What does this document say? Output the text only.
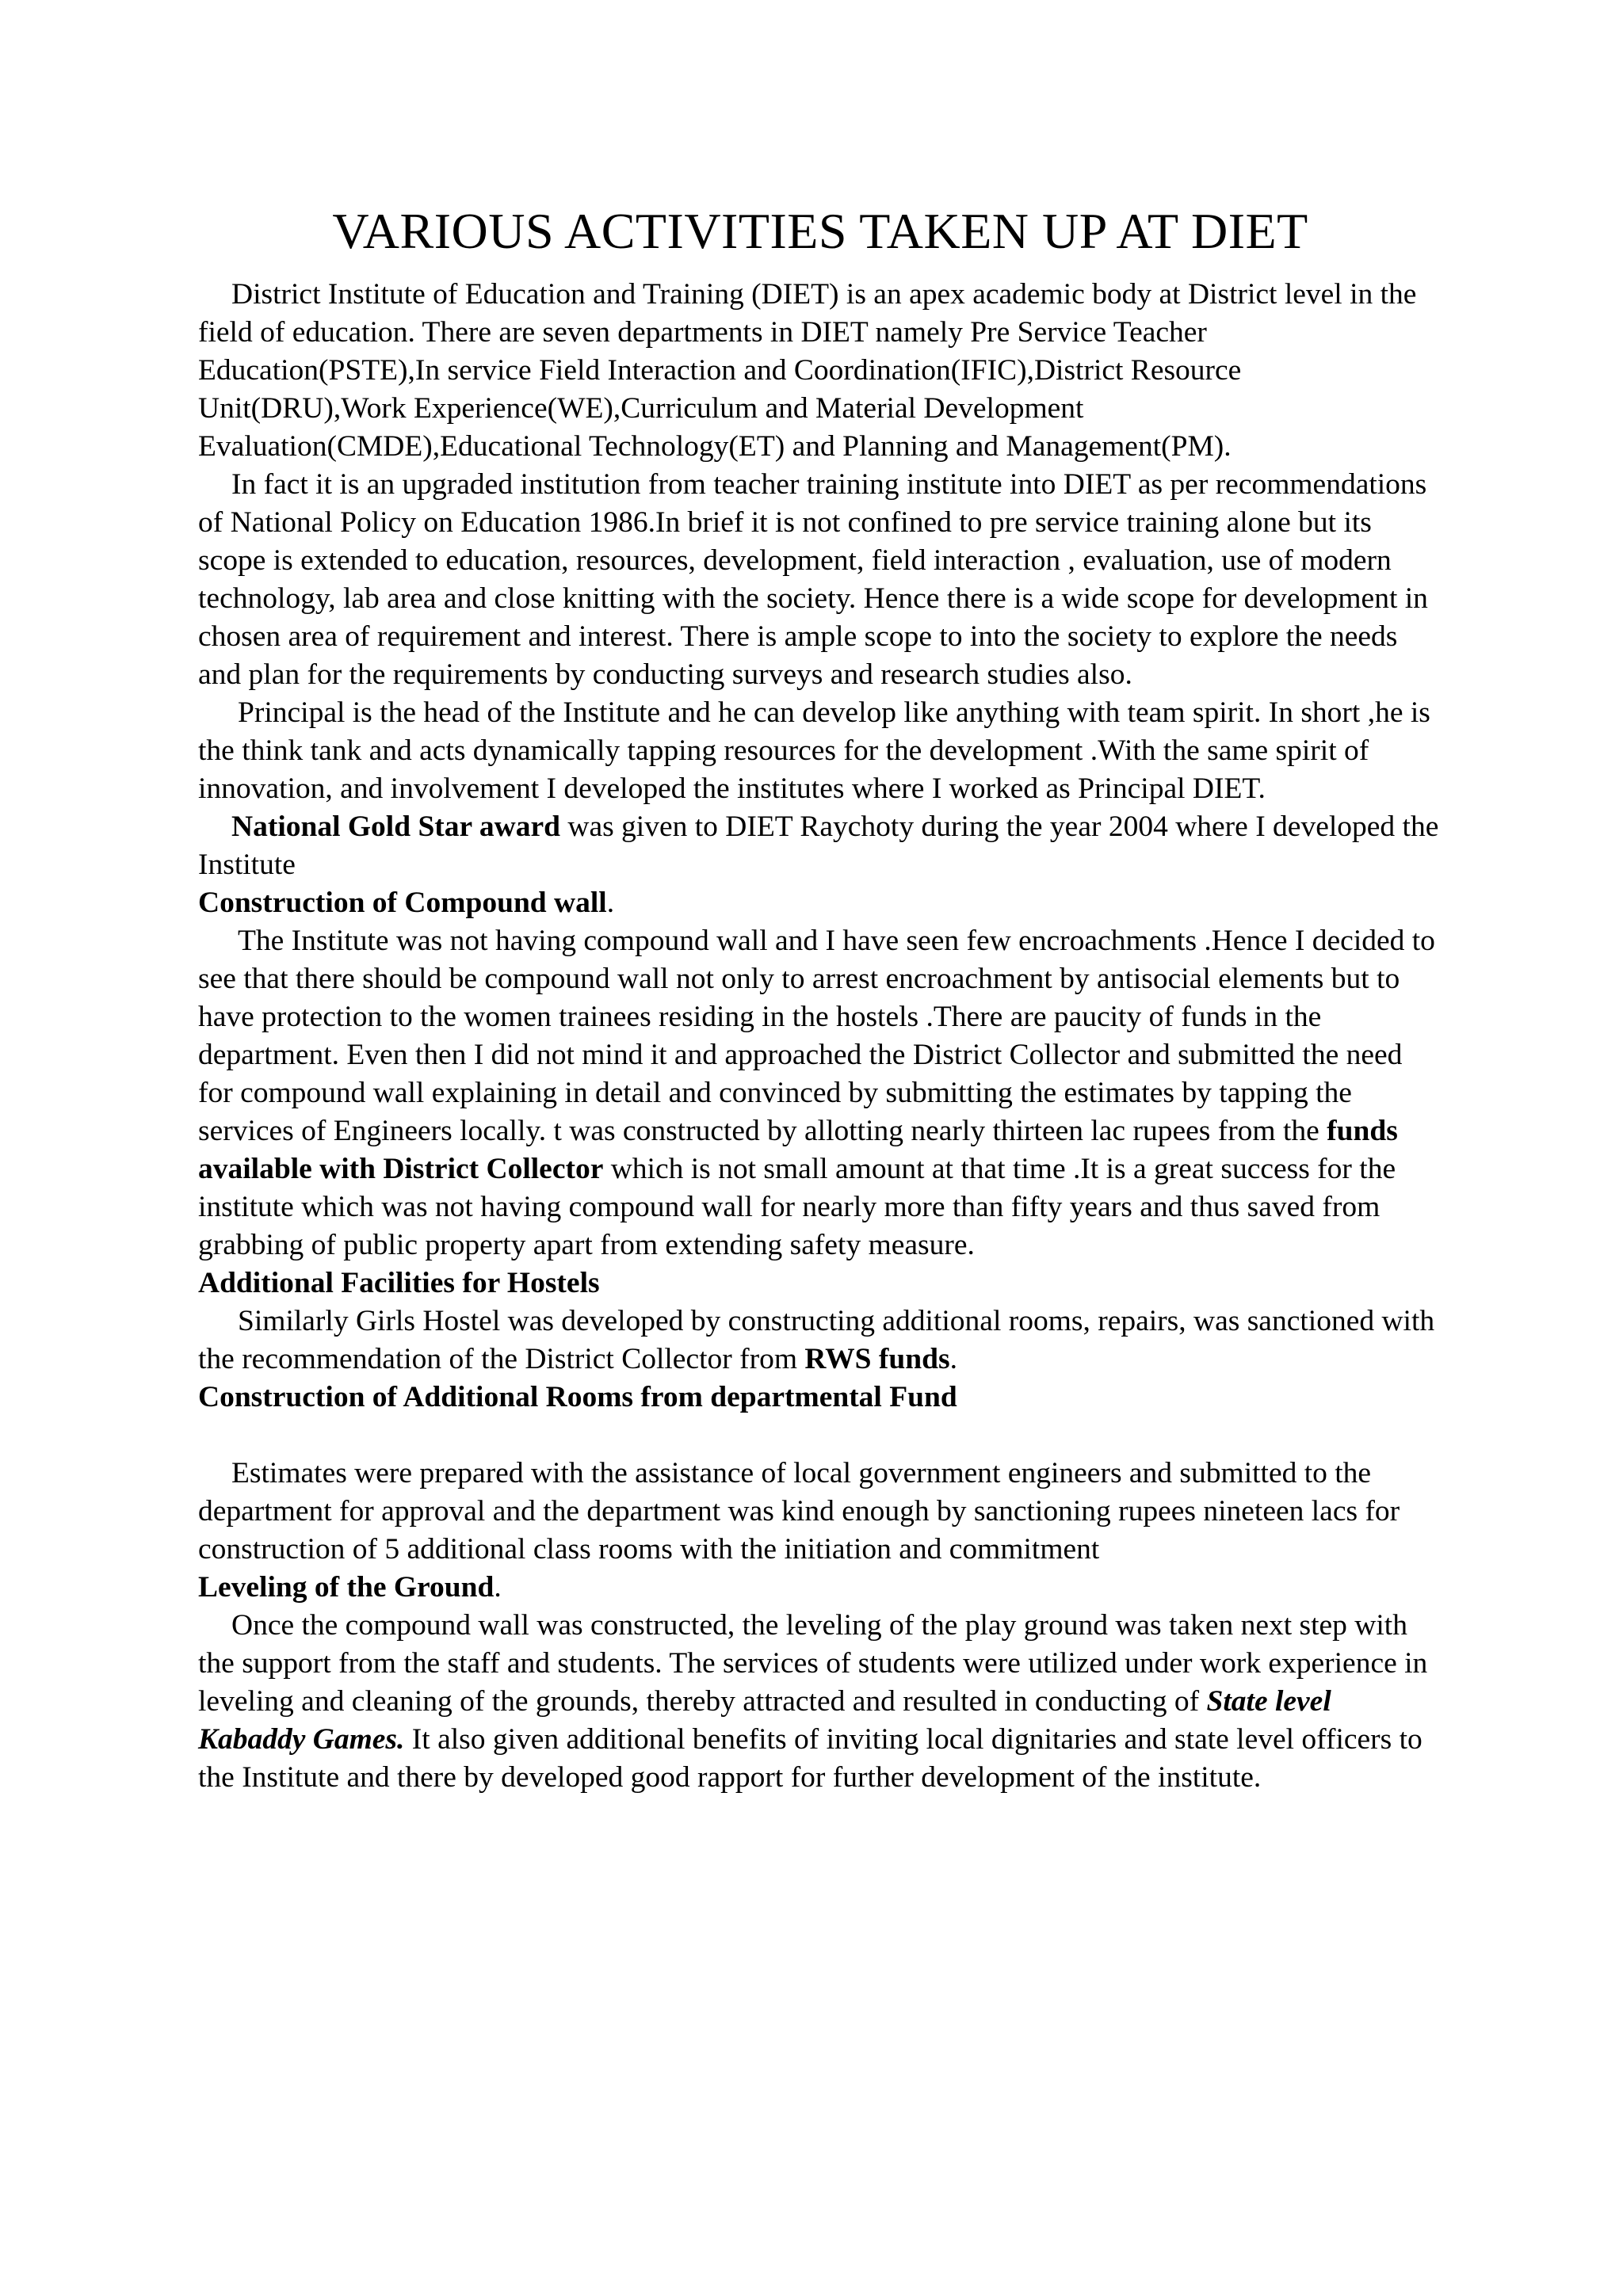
VARIOUS ACTIVITIES TAKEN UP AT DIET

District Institute of Education and Training (DIET) is an apex academic body at District level in the field of education. There are seven departments in DIET namely Pre Service Teacher Education(PSTE),In service Field Interaction and Coordination(IFIC),District Resource Unit(DRU),Work Experience(WE),Curriculum and Material Development Evaluation(CMDE),Educational Technology(ET) and Planning and Management(PM).

In fact it is an upgraded institution from teacher training institute into DIET as per recommendations of National Policy on Education 1986.In brief it is not confined to pre service training alone but its scope is extended to education, resources, development, field interaction , evaluation, use of modern technology, lab area and close knitting with the society. Hence there is a wide scope for development in chosen area of requirement and interest. There is ample scope to into the society to explore the needs and plan for the requirements by conducting surveys and research studies also.

Principal is the head of the Institute and he can develop like anything with team spirit. In short ,he is the think tank and acts dynamically tapping resources for the development .With the same spirit of innovation, and involvement I developed the institutes where I worked as Principal DIET.

National Gold Star award was given to DIET Raychoty during the year 2004 where I developed the Institute

Construction of Compound wall.

The Institute was not having compound wall and I have seen few encroachments .Hence I decided to see that there should be compound wall not only to arrest encroachment by antisocial elements but to have protection to the women trainees residing in the hostels .There are paucity of funds in the department. Even then I did not mind it and approached the District Collector and submitted the need for compound wall explaining in detail and convinced by submitting the estimates by tapping the services of Engineers locally. t was constructed by allotting nearly thirteen lac rupees from the funds available with District Collector which is not small amount at that time .It is a great success for the institute which was not having compound wall for nearly more than fifty years and thus saved from grabbing of public property apart from extending safety measure.

Additional Facilities for Hostels

Similarly Girls Hostel was developed by constructing additional rooms, repairs, was sanctioned with the recommendation of the District Collector from RWS funds.

Construction of Additional Rooms from departmental Fund

Estimates were prepared with the assistance of local government engineers and submitted to the department for approval and the department was kind enough by sanctioning rupees nineteen lacs for construction of 5 additional class rooms with the initiation and commitment

Leveling of the Ground.

Once the compound wall was constructed, the leveling of the play ground was taken next step with the support from the staff and students. The services of students were utilized under work experience in leveling and cleaning of the grounds, thereby attracted and resulted in conducting of State level Kabaddy Games. It also given additional benefits of inviting local dignitaries and state level officers to the Institute and there by developed good rapport for further development of the institute.
